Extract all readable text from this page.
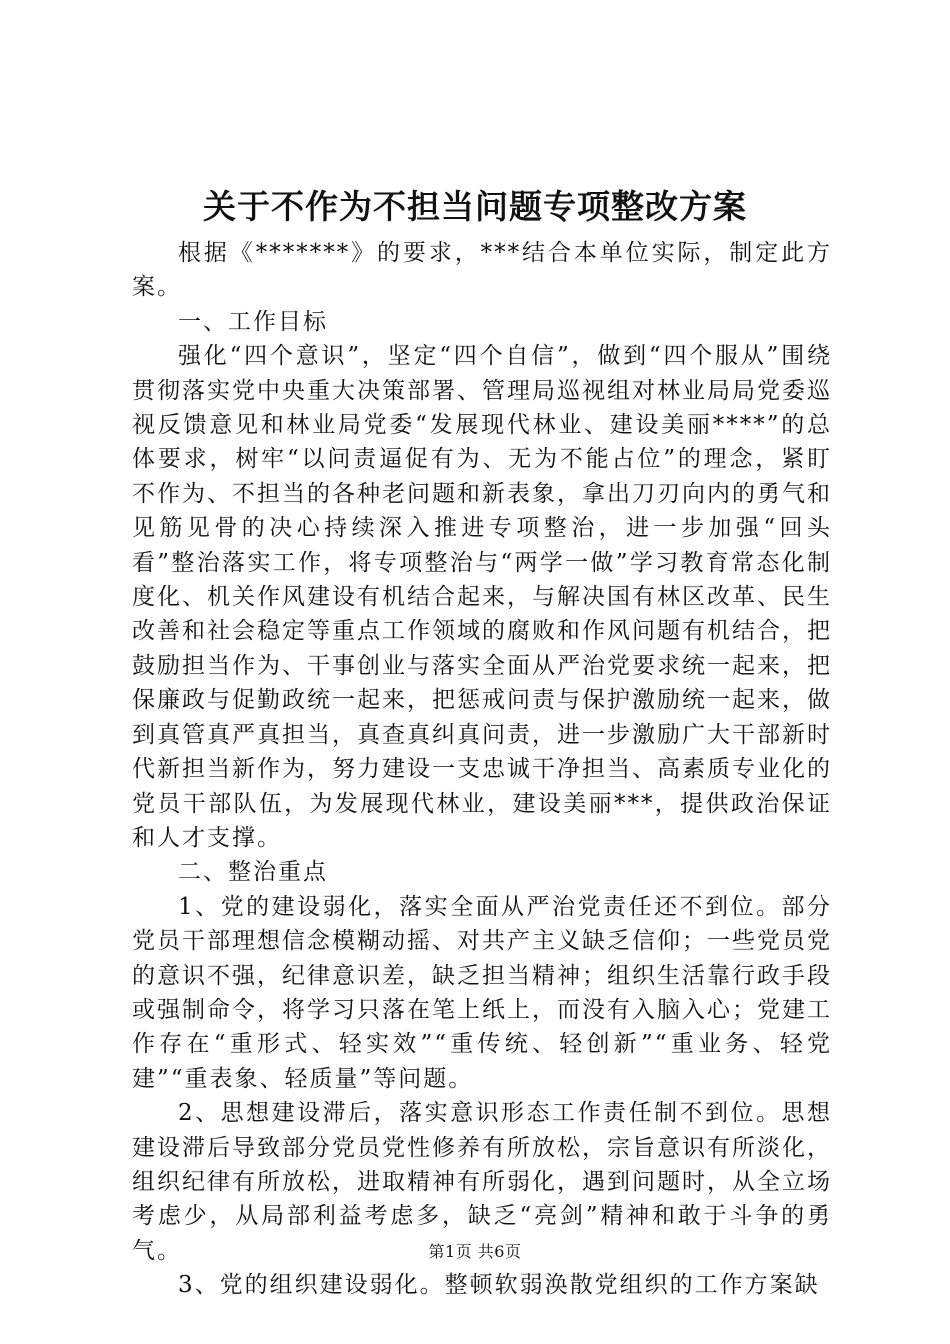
关于不作为不担当问题专项整改方案

根据《*******》的要求，***结合本单位实际，制定此方案。

一、工作目标

强化“四个意识”，坚定“四个自信”，做到“四个服从”围绕贯彻落实党中央重大决策部署、管理局巡视组对林业局局党委巡视反馈意见和林业局党委“发展现代林业、建设美丽****”的总体要求，树牢“以问责逼促有为、无为不能占位”的理念，紧盯不作为、不担当的各种老问题和新表象，拿出刀刃向内的勇气和见筋见骨的决心持续深入推进专项整治，进一步加强“回头看”整治落实工作，将专项整治与“两学一做”学习教育常态化制度化、机关作风建设有机结合起来，与解决国有林区改革、民生改善和社会稳定等重点工作领域的腐败和作风问题有机结合，把鼓励担当作为、干事创业与落实全面从严治党要求统一起来，把保廉政与促勤政统一起来，把惩戒问责与保护激励统一起来，做到真管真严真担当，真查真纠真问责，进一步激励广大干部新时代新担当新作为，努力建设一支忠诚干净担当、高素质专业化的党员干部队伍，为发展现代林业，建设美丽***，提供政治保证和人才支撑。

二、整治重点

1、党的建设弱化，落实全面从严治党责任还不到位。部分党员干部理想信念模糊动摇、对共产主义缺乏信仰；一些党员党的意识不强，纪律意识差，缺乏担当精神；组织生活靠行政手段或强制命令，将学习只落在笔上纸上，而没有入脑入心；党建工作存在“重形式、轻实效”“重传统、轻创新”“重业务、轻党建”“重表象、轻质量”等问题。

2、思想建设滞后，落实意识形态工作责任制不到位。思想建设滞后导致部分党员党性修养有所放松，宗旨意识有所淡化，组织纪律有所放松，进取精神有所弱化，遇到问题时，从全立场考虑少，从局部利益考虑多，缺乏“亮剑”精神和敢于斗争的勇气。

3、党的组织建设弱化。整顿软弱涣散党组织的工作方案缺

第1页 共6页
